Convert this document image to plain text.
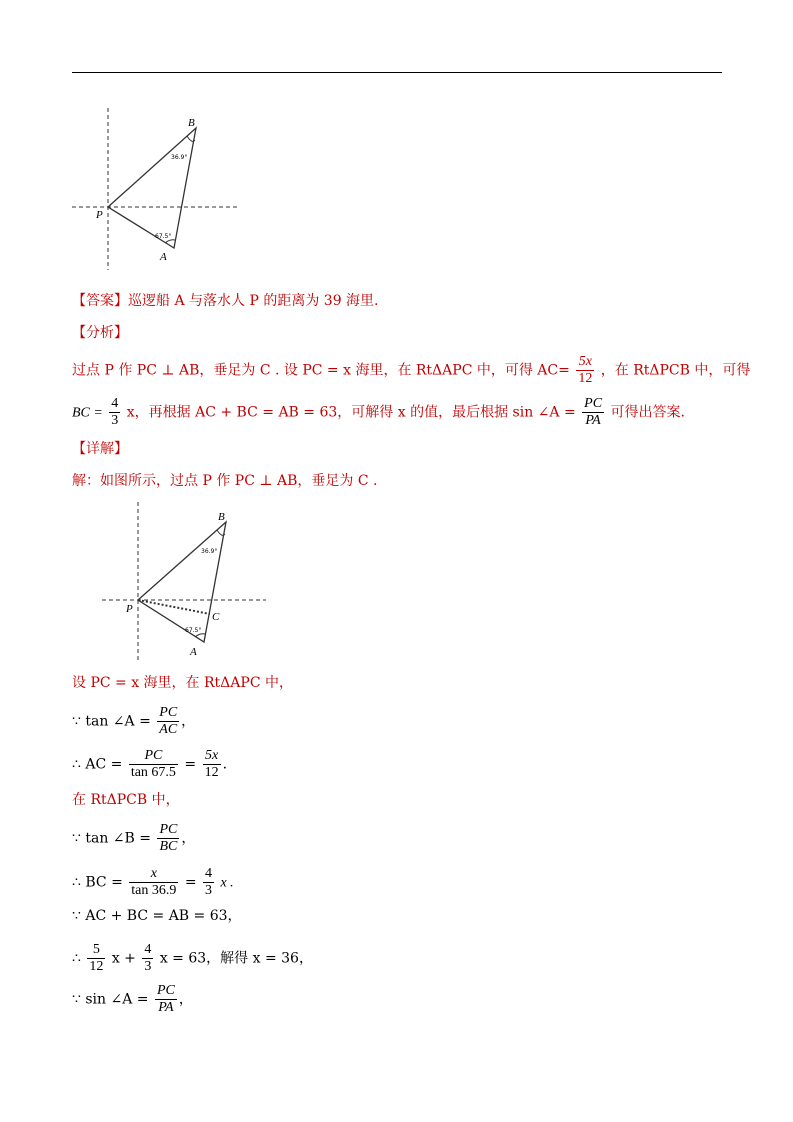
B
P
A
36.9°
67.5°
【答案】巡逻船 A 与落水人 P 的距离为 39 海里.
【分析】
过点 P 作 PC ⊥ AB，垂足为 C . 设 PC = x 海里，在 RtΔAPC 中，可得 $AC= \frac{5x}{12}$ ，在 RtΔPCB 中，可得
BC = $\frac{4}{3}$ x，再根据 AC + BC = AB = 63，可解得 x 的值，最后根据 sin ∠A = $\frac{PC}{PA}$ 可得出答案.
【详解】
解：如图所示，过点 P 作 PC ⊥ AB，垂足为 C .
B
P
A
C
36.9°
67.5°
设 PC = x 海里，在 RtΔAPC 中，
∵ tan ∠A = $\frac{PC}{AC}$ ，
∴ AC = $\frac{PC}{\tan 67.5} = \frac{5x}{12}$ .
在 RtΔPCB 中，
∵ tan ∠B = $\frac{PC}{BC}$ ，
∴ BC = $\frac{x}{\tan 36.9} = \frac{4}{3}$ x .
∵ AC + BC = AB = 63，
∴ $\frac{5}{12}$ $x + \frac{4}{3}$ x = 63，解得 x = 36，
∵ sin ∠A = $\frac{PC}{PA}$ ，
